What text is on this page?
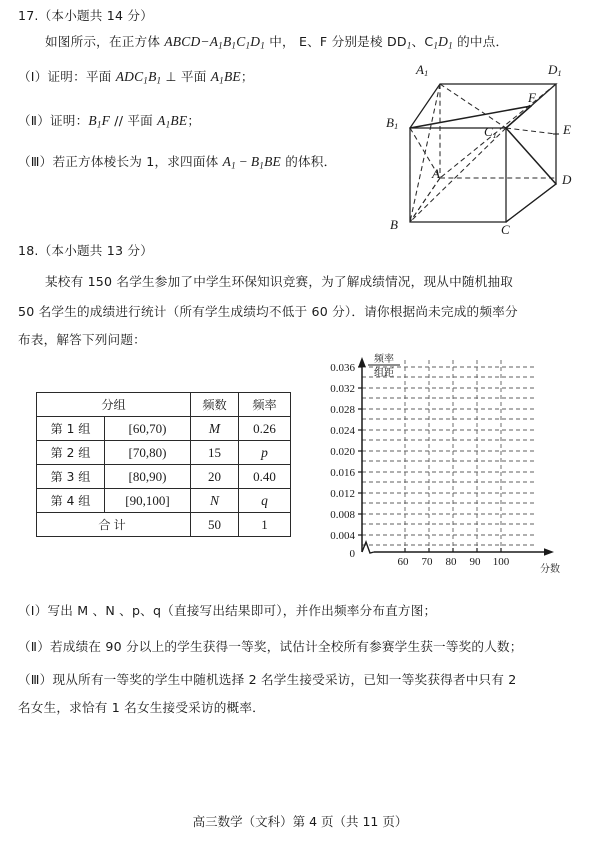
17.（本小题共 14 分）
如图所示，在正方体 $ABCD-A_1B_1C_1D_1$ 中， E、F 分别是棱 $DD_1$、$C_1D_1$ 的中点．
（Ⅰ）证明：平面 $ADC_1B_1$ ⊥ 平面 $A_1BE$；
（Ⅱ）证明：$B_1F$ // 平面 $A_1BE$；
（Ⅲ）若正方体棱长为 1，求四面体 $A_1 - B_1BE$ 的体积．
A1	D1
B1	C1
F
E
A	D
B	C
18.（本小题共 13 分）
某校有 150 名学生参加了中学生环保知识竞赛，为了解成绩情况，现从中随机抽取
50 名学生的成绩进行统计（所有学生成绩均不低于 60 分）．请你根据尚未完成的频率分
布表，解答下列问题：
分组		频数	频率
第 1 组	[60,70)	M	0.26
第 2 组	[70,80)	15	p
第 3 组	[80,90)	20	0.40
第 4 组	[90,100]	N	q
合计		50	1
0.004
0.008
0.012
0.016
0.020
0.024
0.028
0.032
0.036
0
60 70 80 90 100
分数
频率
组距
（Ⅰ）写出 M 、N 、p、q（直接写出结果即可），并作出频率分布直方图；
（Ⅱ）若成绩在 90 分以上的学生获得一等奖，试估计全校所有参赛学生获一等奖的人数；
（Ⅲ）现从所有一等奖的学生中随机选择 2 名学生接受采访，已知一等奖获得者中只有 2
名女生，求恰有 1 名女生接受采访的概率．
高三数学（文科）第 4 页（共 11 页）
